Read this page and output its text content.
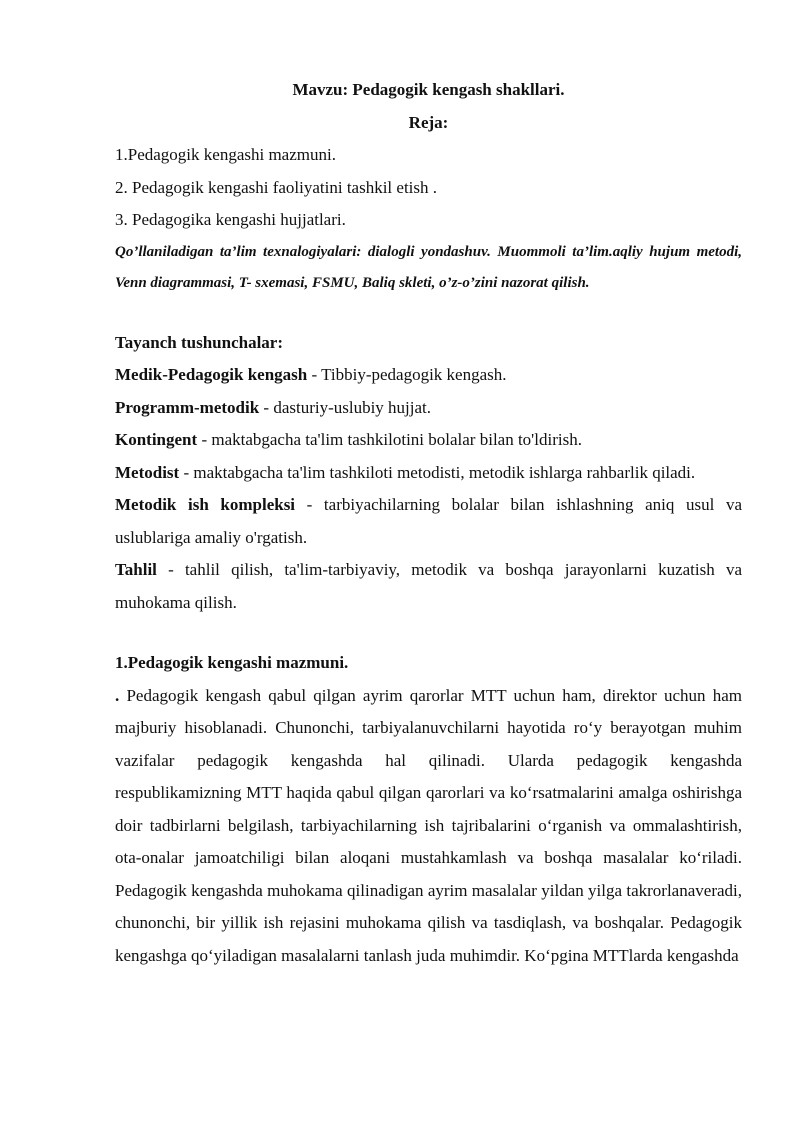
Mavzu: Pedagogik kengash shakllari.

Reja:

1.Pedagogik kengashi mazmuni.

2. Pedagogik kengashi faoliyatini tashkil etish .

3. Pedagogika kengashi hujjatlari.

Qo’llaniladigan ta’lim texnalogiyalari: dialogli yondashuv. Muommoli ta’lim.aqliy hujum metodi, Venn diagrammasi, T- sxemasi, FSMU, Baliq skleti, o’z-o’zini nazorat qilish.

Tayanch tushunchalar:

Medik-Pedagogik kengash - Tibbiy-pedagogik kengash.

Programm-metodik - dasturiy-uslubiy hujjat.

Kontingent - maktabgacha ta'lim tashkilotini bolalar bilan to'ldirish.

Metodist - maktabgacha ta'lim tashkiloti metodisti, metodik ishlarga rahbarlik qiladi.

Metodik ish kompleksi - tarbiyachilarning bolalar bilan ishlashning aniq usul va uslublariga amaliy o'rgatish.

Tahlil - tahlil qilish, ta'lim-tarbiyaviy, metodik va boshqa jarayonlarni kuzatish va muhokama qilish.

1.Pedagogik kengashi mazmuni.

. Pedagogik kengash qabul qilgan ayrim qarorlar MTT uchun ham, direktor uchun ham majburiy hisoblanadi. Chunonchi, tarbiyalanuvchilarni hayotida ro‘y berayotgan muhim vazifalar pedagogik kengashda hal qilinadi. Ularda pedagogik kengashda respublikamizning MTT haqida qabul qilgan qarorlari va ko‘rsatmalarini amalga oshirishga doir tadbirlarni belgilash, tarbiyachilarning ish tajribalarini o‘rganish va ommalashtirish, ota-onalar jamoatchiligi bilan aloqani mustahkamlash va boshqa masalalar ko‘riladi. Pedagogik kengashda muhokama qilinadigan ayrim masalalar yildan yilga takrorlanaveradi, chunonchi, bir yillik ish rejasini muhokama qilish va tasdiqlash, va boshqalar. Pedagogik kengashga qo‘yiladigan masalalarni tanlash juda muhimdir. Ko‘pgina MTTlarda kengashda
